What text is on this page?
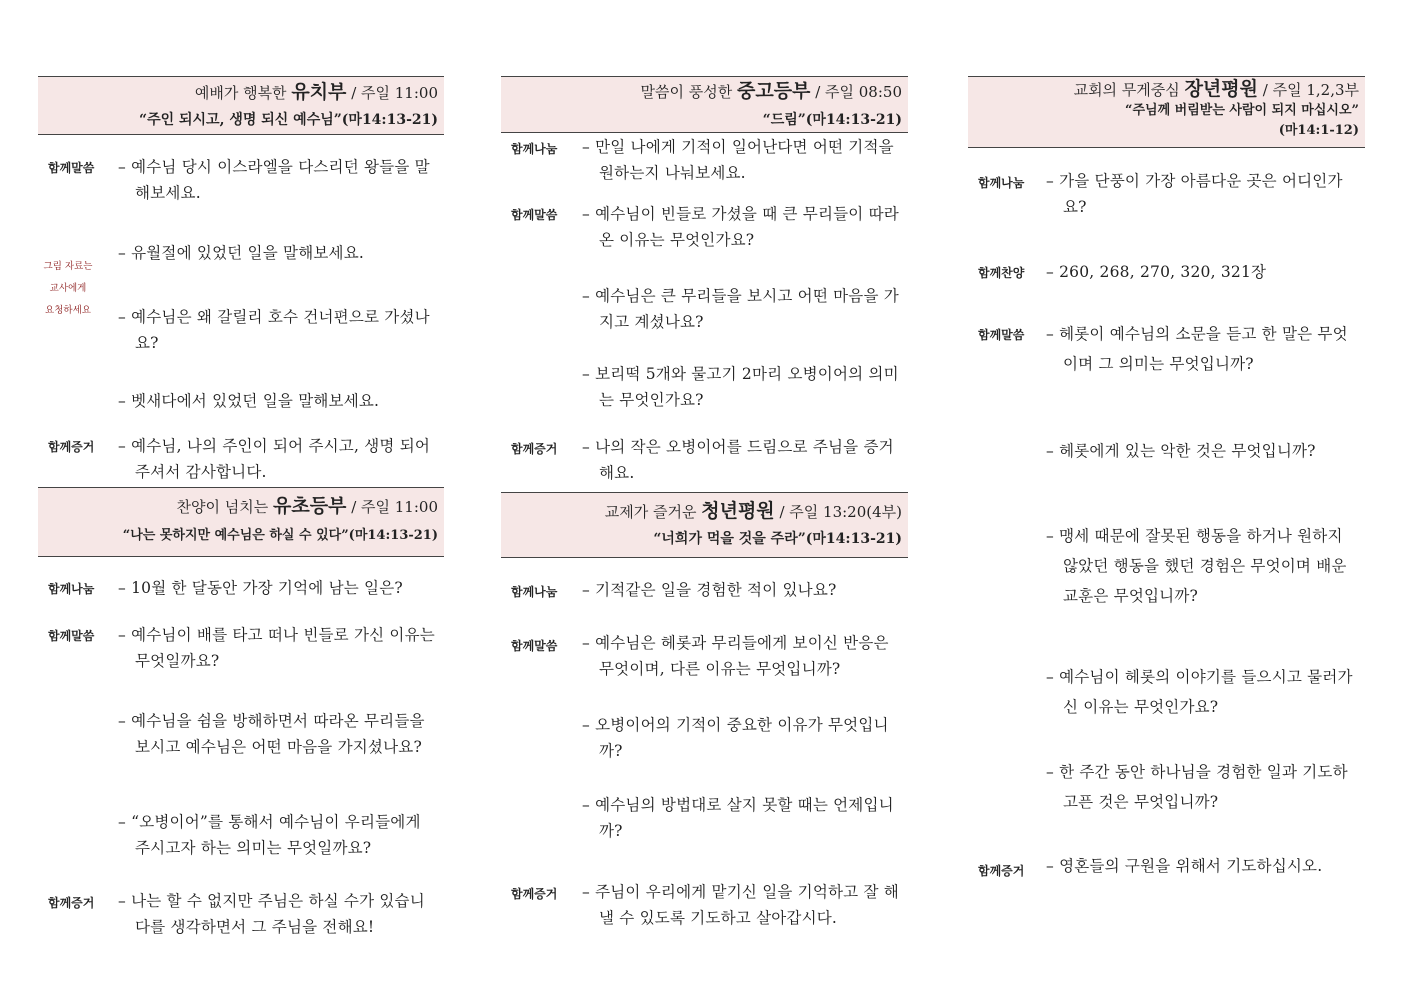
예배가 행복한 유치부 / 주일 11:00
“주인 되시고, 생명 되신 예수님”(마14:13-21)
함께말씀 – 예수님 당시 이스라엘을 다스리던 왕들을 말해보세요.
그림 자료는
교사에게
요청하세요
– 유월절에 있었던 일을 말해보세요.
– 예수님은 왜 갈릴리 호수 건너편으로 가셨나요?
– 벳새다에서 있었던 일을 말해보세요.
함께증거 – 예수님, 나의 주인이 되어 주시고, 생명 되어 주셔서 감사합니다.
찬양이 넘치는 유초등부 / 주일 11:00
“나는 못하지만 예수님은 하실 수 있다”(마14:13-21)
함께나눔 – 10월 한 달동안 가장 기억에 남는 일은?
함께말씀 – 예수님이 배를 타고 떠나 빈들로 가신 이유는 무엇일까요?
– 예수님을 쉼을 방해하면서 따라온 무리들을 보시고 예수님은 어떤 마음을 가지셨나요?
– “오병이어”를 통해서 예수님이 우리들에게 주시고자 하는 의미는 무엇일까요?
함께증거 – 나는 할 수 없지만 주님은 하실 수가 있습니다를 생각하면서 그 주님을 전해요!
말씀이 풍성한 중고등부 / 주일 08:50
“드림”(마14:13-21)
함께나눔 – 만일 나에게 기적이 일어난다면 어떤 기적을 원하는지 나눠보세요.
함께말씀 – 예수님이 빈들로 가셨을 때 큰 무리들이 따라온 이유는 무엇인가요?
– 예수님은 큰 무리들을 보시고 어떤 마음을 가지고 계셨나요?
– 보리떡 5개와 물고기 2마리 오병이어의 의미는 무엇인가요?
함께증거 – 나의 작은 오병이어를 드림으로 주님을 증거해요.
교제가 즐거운 청년평원 / 주일 13:20(4부)
“너희가 먹을 것을 주라”(마14:13-21)
함께나눔 – 기적같은 일을 경험한 적이 있나요?
함께말씀 – 예수님은 헤롯과 무리들에게 보이신 반응은 무엇이며, 다른 이유는 무엇입니까?
– 오병이어의 기적이 중요한 이유가 무엇입니까?
– 예수님의 방법대로 살지 못할 때는 언제입니까?
함께증거 – 주님이 우리에게 맡기신 일을 기억하고 잘 해낼 수 있도록 기도하고 살아갑시다.
교회의 무게중심 장년평원 / 주일 1,2,3부
“주님께 버림받는 사람이 되지 마십시오”
(마14:1-12)
함께나눔 – 가을 단풍이 가장 아름다운 곳은 어디인가요?
함께찬양 – 260, 268, 270, 320, 321장
함께말씀 – 헤롯이 예수님의 소문을 듣고 한 말은 무엇이며 그 의미는 무엇입니까?
– 헤롯에게 있는 악한 것은 무엇입니까?
– 맹세 때문에 잘못된 행동을 하거나 원하지 않았던 행동을 했던 경험은 무엇이며 배운 교훈은 무엇입니까?
– 예수님이 헤롯의 이야기를 들으시고 물러가신 이유는 무엇인가요?
– 한 주간 동안 하나님을 경험한 일과 기도하고픈 것은 무엇입니까?
함께증거 – 영혼들의 구원을 위해서 기도하십시오.
